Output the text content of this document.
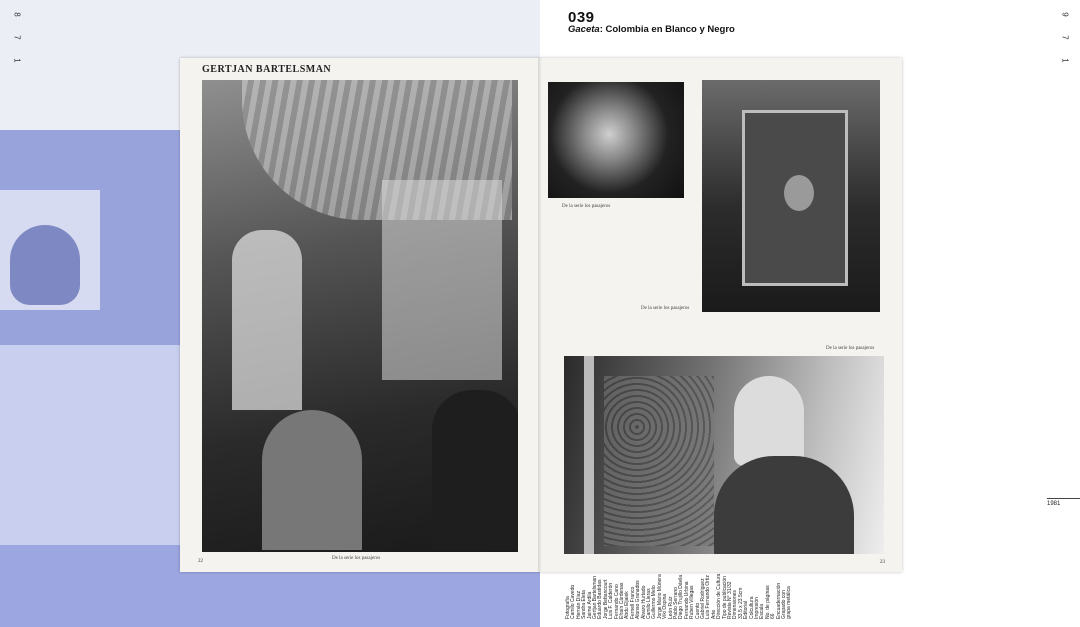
8
7
1
9
7
1
039
Gaceta: Colombia en Blanco y Negro
GERTJAN BARTELSMAN
De la serie los pasajeros
22
De la serie los pasajeros
De la serie los pasajeros
De la serie los pasajeros
23
1981
Fotografía Camilo Cavedo Hernán Díaz Sandra Eleta Jaime Ardila Gertjan Bartelsman Eduardo Bastidas Jorge Bettancourt Luis F. Calderón Fernando Cano Efraín Cárdenas Abdu Eljaiek Fernell Franco Alonso Granados Álvaro Hurtado Camilo Lleras Guillermo Melo Jorge Mario Múnera Viki Ospina León Ruiz Pablo Serrano Diego Trujillo Dávila Fernando Urbina Ruben Villegas Cuento Gabriel Rodríguez Luis Fernando Ortiz Arte Dirección de Cultura Tipo de publicación Revista N° 31/32 Dimensiones 33.5 x 23.5cm Editorial Colcultura Impresión Escala No. de páginas 66 Encuadernación Grapado con grapa metálica
